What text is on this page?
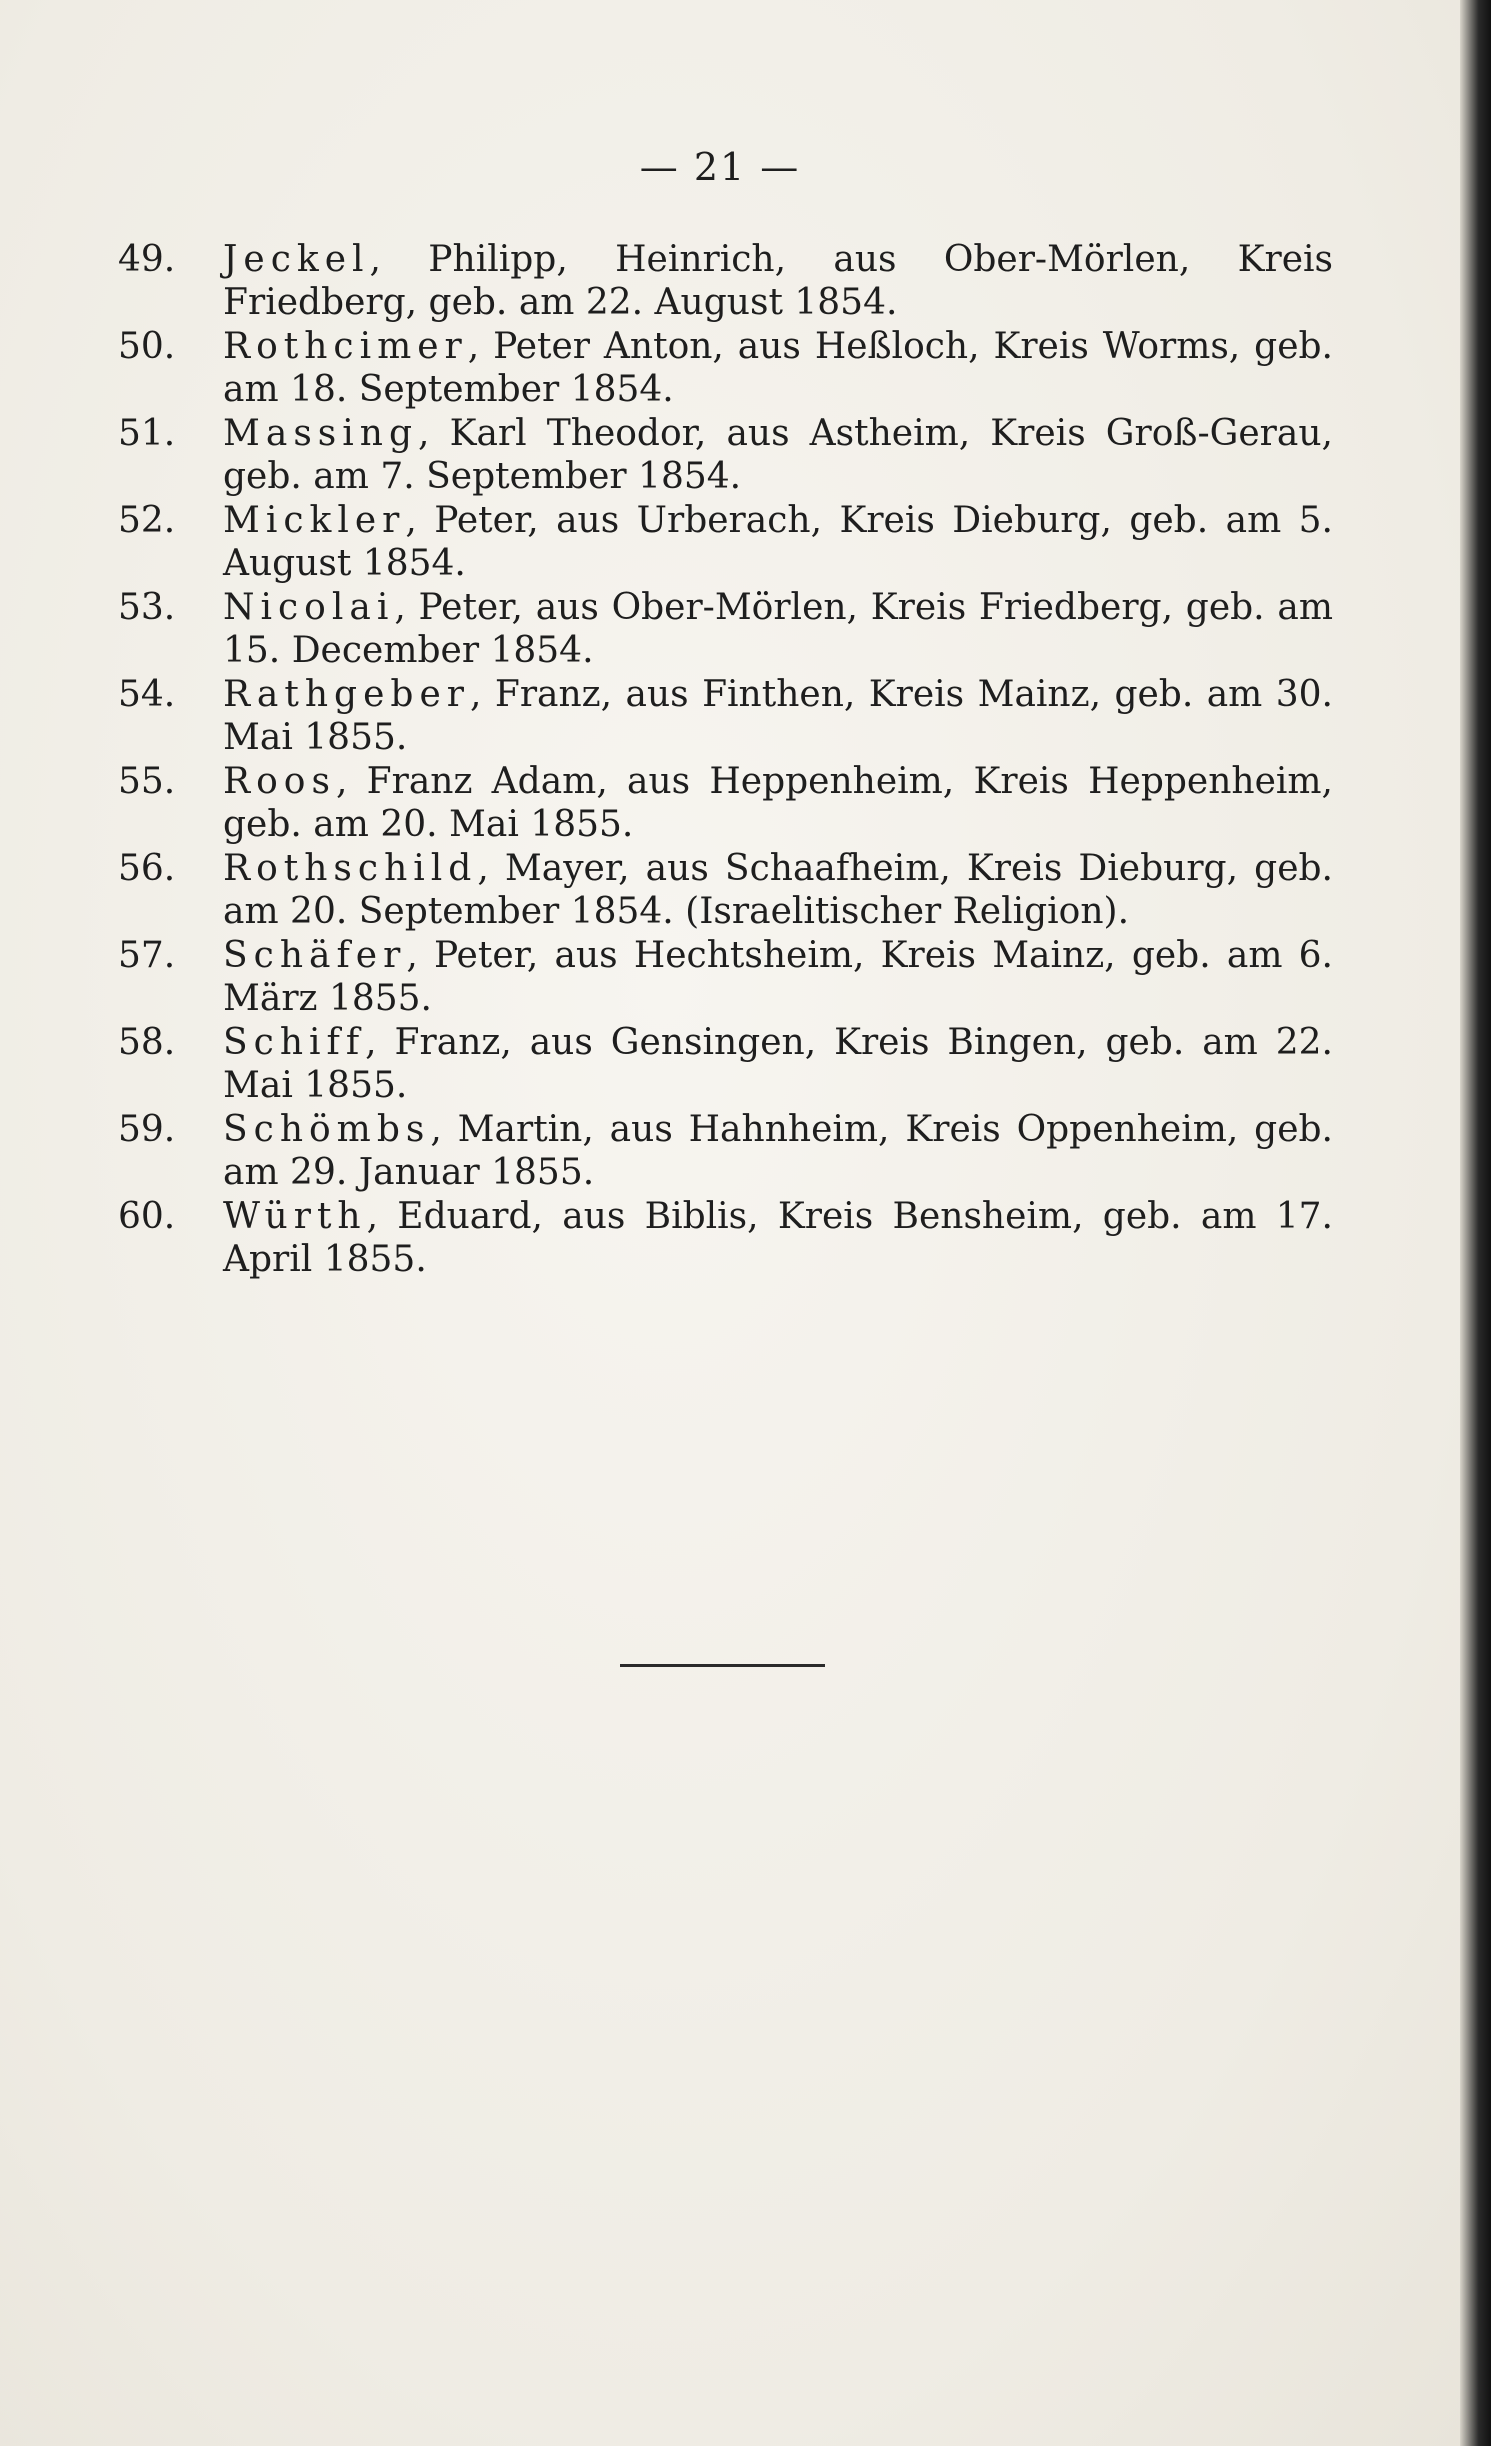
— 21 —
49. Jeckel, Philipp, Heinrich, aus Ober-Mörlen, Kreis Friedberg, geb. am 22. August 1854.
50. Rothcimer, Peter Anton, aus Heßloch, Kreis Worms, geb. am 18. September 1854.
51. Massing, Karl Theodor, aus Astheim, Kreis Groß-Gerau, geb. am 7. September 1854.
52. Mickler, Peter, aus Urberach, Kreis Dieburg, geb. am 5. August 1854.
53. Nicolai, Peter, aus Ober-Mörlen, Kreis Friedberg, geb. am 15. December 1854.
54. Rathgeber, Franz, aus Finthen, Kreis Mainz, geb. am 30. Mai 1855.
55. Roos, Franz Adam, aus Heppenheim, Kreis Heppenheim, geb. am 20. Mai 1855.
56. Rothschild, Mayer, aus Schaafheim, Kreis Dieburg, geb. am 20. September 1854. (Israelitischer Religion).
57. Schäfer, Peter, aus Hechtsheim, Kreis Mainz, geb. am 6. März 1855.
58. Schiff, Franz, aus Gensingen, Kreis Bingen, geb. am 22. Mai 1855.
59. Schömbs, Martin, aus Hahnheim, Kreis Oppenheim, geb. am 29. Januar 1855.
60. Würth, Eduard, aus Biblis, Kreis Bensheim, geb. am 17. April 1855.
